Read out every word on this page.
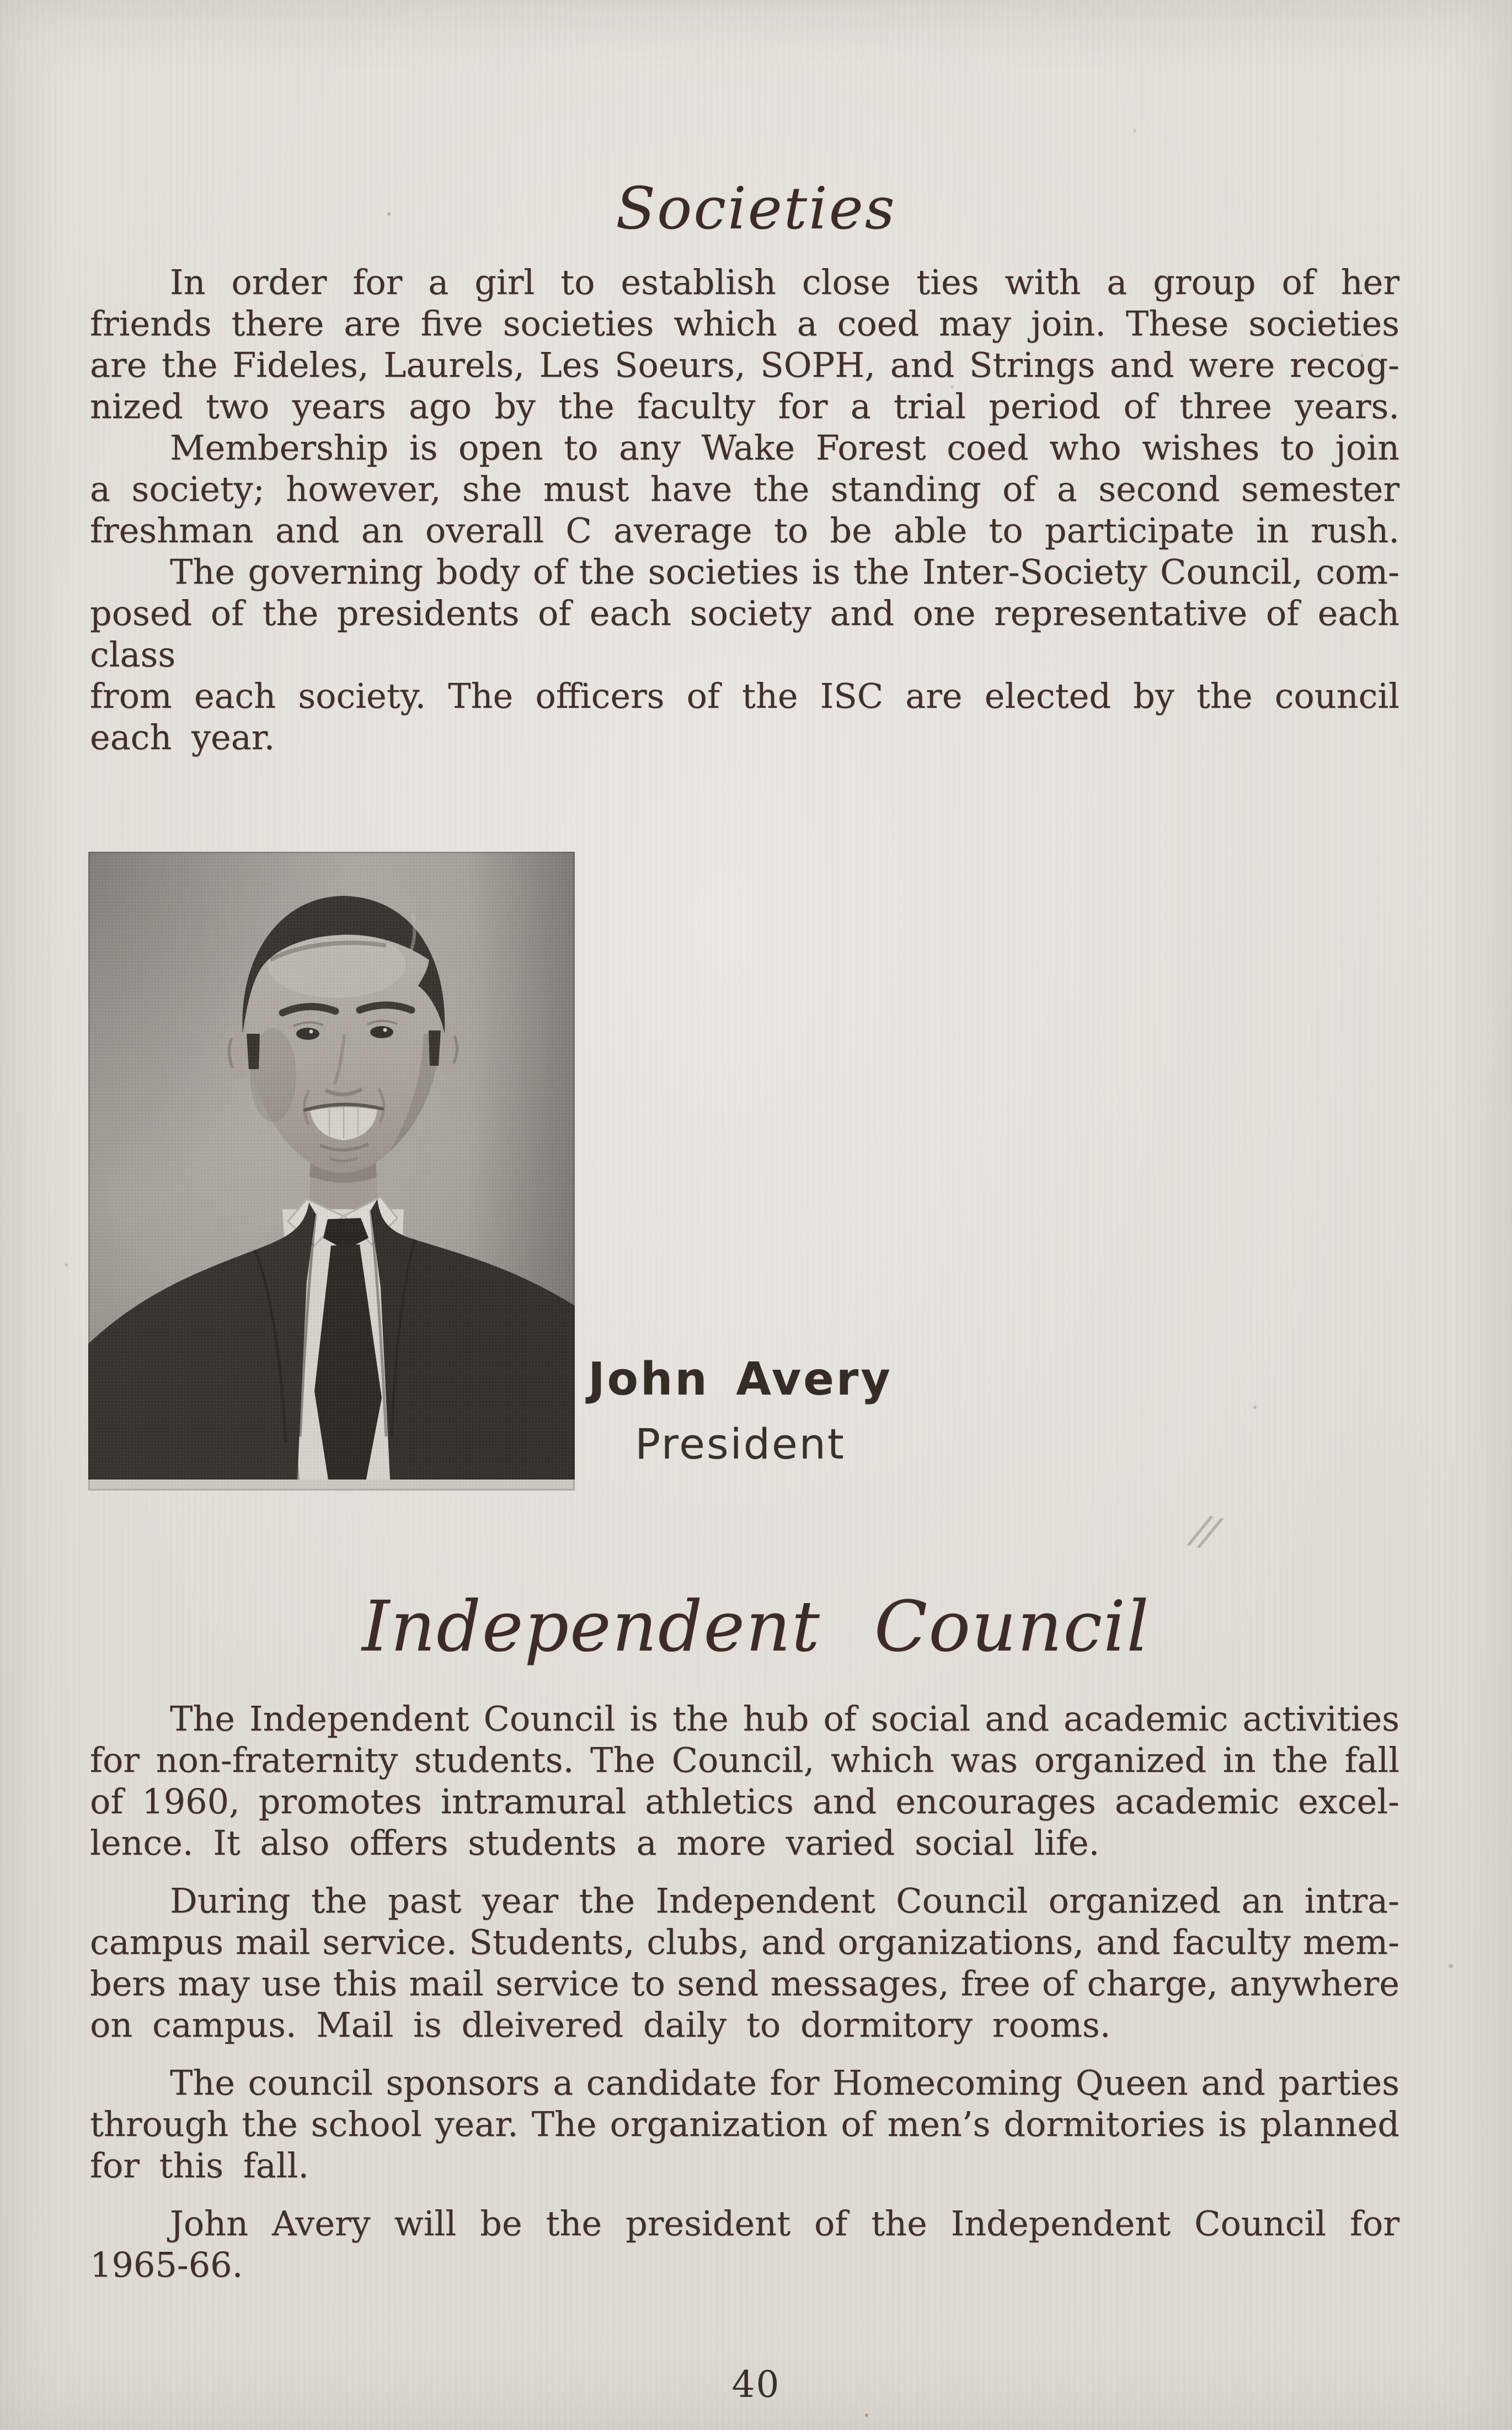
Societies
In order for a girl to establish close ties with a group of her
friends there are five societies which a coed may join. These societies
are the Fideles, Laurels, Les Soeurs, SOPH, and Strings and were recog-
nized two years ago by the faculty for a trial period of three years.
Membership is open to any Wake Forest coed who wishes to join
a society; however, she must have the standing of a second semester
freshman and an overall C average to be able to participate in rush.
The governing body of the societies is the Inter-Society Council, com-
posed of the presidents of each society and one representative of each class
from each society. The officers of the ISC are elected by the council
each year.
John Avery
President
Independent Council
The Independent Council is the hub of social and academic activities
for non-fraternity students. The Council, which was organized in the fall
of 1960, promotes intramural athletics and encourages academic excel-
lence. It also offers students a more varied social life.
During the past year the Independent Council organized an intra-
campus mail service. Students, clubs, and organizations, and faculty mem-
bers may use this mail service to send messages, free of charge, anywhere
on campus. Mail is dleivered daily to dormitory rooms.
The council sponsors a candidate for Homecoming Queen and parties
through the school year. The organization of men’s dormitories is planned
for this fall.
John Avery will be the president of the Independent Council for
1965-66.
//
40
